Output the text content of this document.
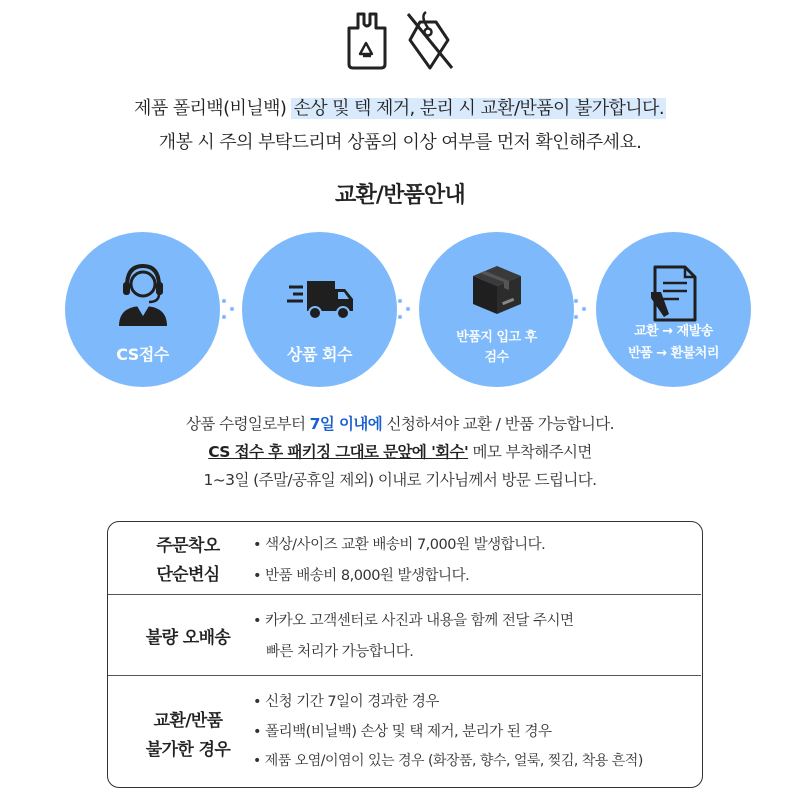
제품 폴리백(비닐백) 손상 및 텍 제거, 분리 시 교환/반품이 불가합니다.
개봉 시 주의 부탁드리며 상품의 이상 여부를 먼저 확인해주세요.
교환/반품안내
CS접수	상품 회수
반품지 입고 후
검수
교환 → 재발송
반품 → 환불처리
상품 수령일로부터 7일 이내에 신청하셔야 교환 / 반품 가능합니다.
CS 접수 후 패키징 그대로 문앞에 '회수' 메모 부착해주시면
1~3일 (주말/공휴일 제외) 이내로 기사님께서 방문 드립니다.
주문착오
단순변심
• 색상/사이즈 교환 배송비 7,000원 발생합니다.
• 반품 배송비 8,000원 발생합니다.
불량 오배송
• 카카오 고객센터로 사진과 내용을 함께 전달 주시면
빠른 처리가 가능합니다.
교환/반품
불가한 경우
• 신청 기간 7일이 경과한 경우
• 폴리백(비닐백) 손상 및 택 제거, 분리가 된 경우
• 제품 오염/이염이 있는 경우 (화장품, 향수, 얼룩, 찢김, 착용 흔적)
